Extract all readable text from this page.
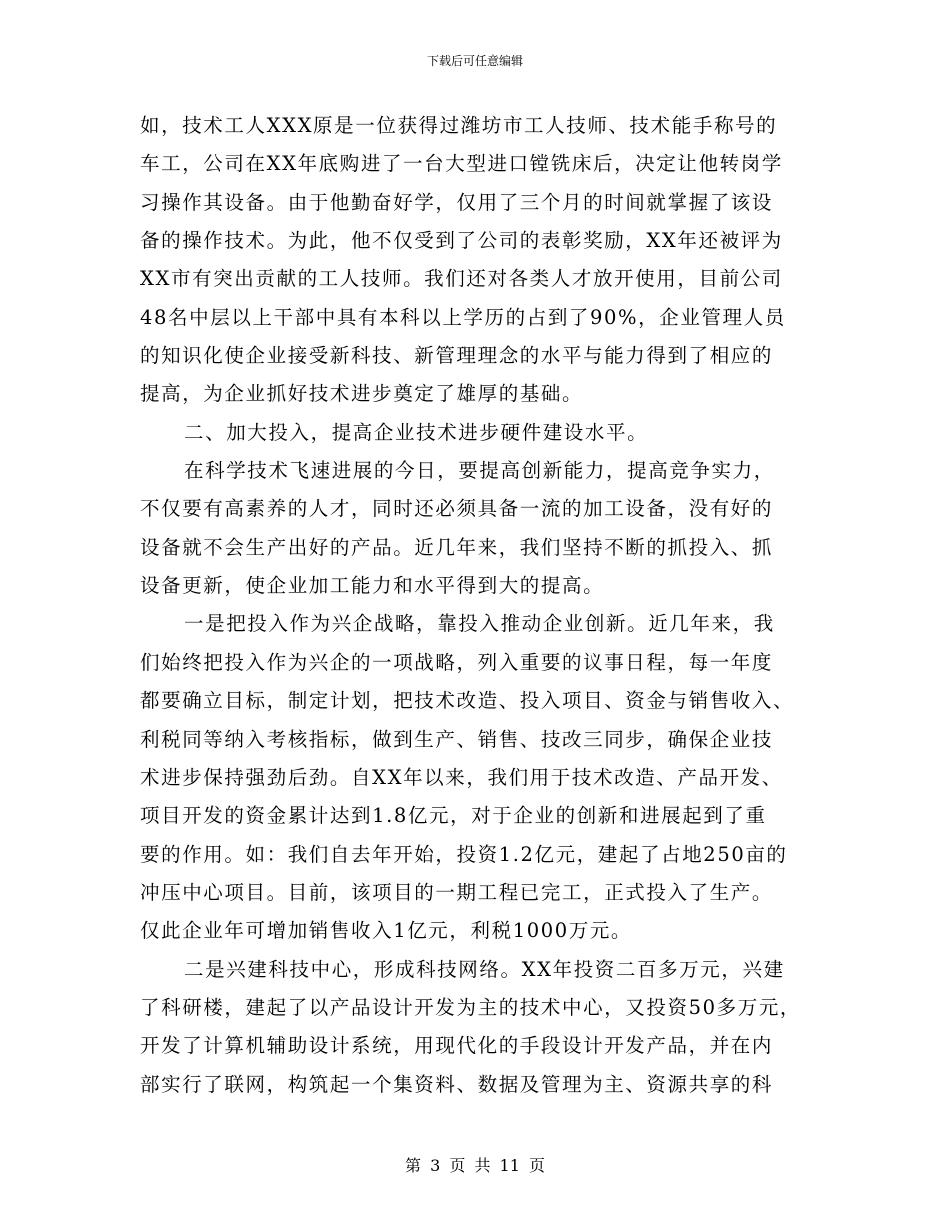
下载后可任意编辑
如，技术工人XXX原是一位获得过潍坊市工人技师、技术能手称号的
车工，公司在XX年底购进了一台大型进口镗铣床后，决定让他转岗学
习操作其设备。由于他勤奋好学，仅用了三个月的时间就掌握了该设
备的操作技术。为此，他不仅受到了公司的表彰奖励，XX年还被评为
XX市有突出贡献的工人技师。我们还对各类人才放开使用，目前公司
48名中层以上干部中具有本科以上学历的占到了90%，企业管理人员
的知识化使企业接受新科技、新管理理念的水平与能力得到了相应的
提高，为企业抓好技术进步奠定了雄厚的基础。
二、加大投入，提高企业技术进步硬件建设水平。
在科学技术飞速进展的今日，要提高创新能力，提高竞争实力，
不仅要有高素养的人才，同时还必须具备一流的加工设备，没有好的
设备就不会生产出好的产品。近几年来，我们坚持不断的抓投入、抓
设备更新，使企业加工能力和水平得到大的提高。
一是把投入作为兴企战略，靠投入推动企业创新。近几年来，我
们始终把投入作为兴企的一项战略，列入重要的议事日程，每一年度
都要确立目标，制定计划，把技术改造、投入项目、资金与销售收入、
利税同等纳入考核指标，做到生产、销售、技改三同步，确保企业技
术进步保持强劲后劲。自XX年以来，我们用于技术改造、产品开发、
项目开发的资金累计达到1.8亿元，对于企业的创新和进展起到了重
要的作用。如：我们自去年开始，投资1.2亿元，建起了占地250亩的
冲压中心项目。目前，该项目的一期工程已完工，正式投入了生产。
仅此企业年可增加销售收入1亿元，利税1000万元。
二是兴建科技中心，形成科技网络。XX年投资二百多万元，兴建
了科研楼，建起了以产品设计开发为主的技术中心，又投资50多万元，
开发了计算机辅助设计系统，用现代化的手段设计开发产品，并在内
部实行了联网，构筑起一个集资料、数据及管理为主、资源共享的科
第 3 页 共 11 页
